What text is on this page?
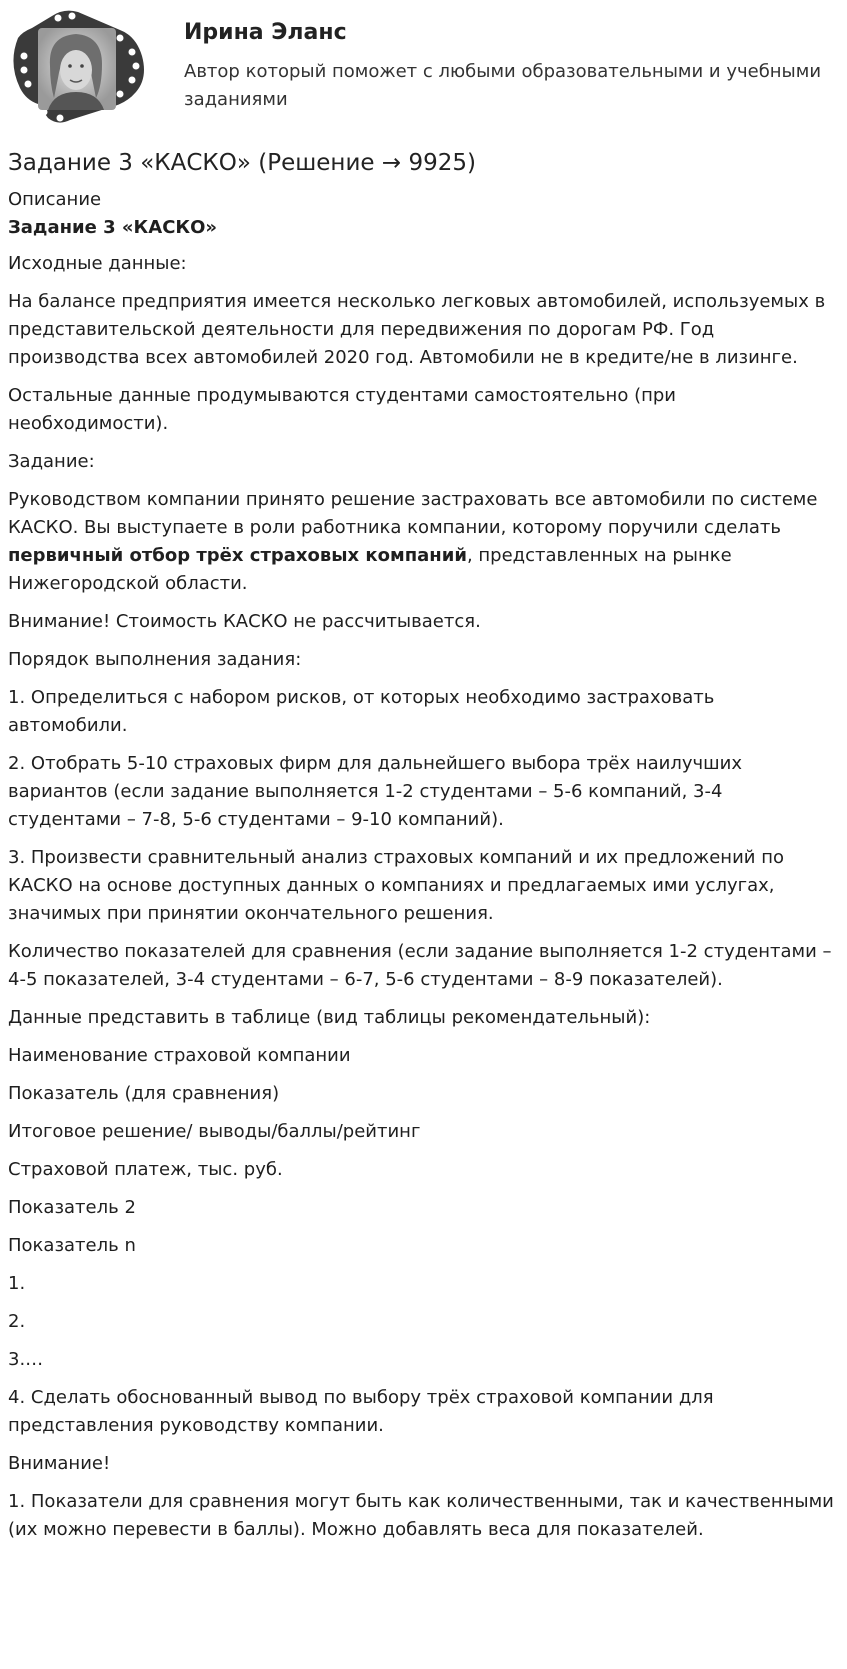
Ирина Эланс

Автор который поможет с любыми образовательными и учебными заданиями

Задание 3 «КАСКО» (Решение → 9925)
Описание
Задание 3 «КАСКО»

Исходные данные:

На балансе предприятия имеется несколько легковых автомобилей, используемых в представительской деятельности для передвижения по дорогам РФ. Год производства всех автомобилей 2020 год. Автомобили не в кредите/не в лизинге.

Остальные данные продумываются студентами самостоятельно (при необходимости).

Задание:

Руководством компании принято решение застраховать все автомобили по системе КАСКО. Вы выступаете в роли работника компании, которому поручили сделать первичный отбор трёх страховых компаний, представленных на рынке Нижегородской области.

Внимание! Стоимость КАСКО не рассчитывается.

Порядок выполнения задания:

1. Определиться с набором рисков, от которых необходимо застраховать автомобили.

2. Отобрать 5-10 страховых фирм для дальнейшего выбора трёх наилучших вариантов (если задание выполняется 1-2 студентами – 5-6 компаний, 3-4 студентами – 7-8, 5-6 студентами – 9-10 компаний).

3. Произвести сравнительный анализ страховых компаний и их предложений по КАСКО на основе доступных данных о компаниях и предлагаемых ими услугах, значимых при принятии окончательного решения.

Количество показателей для сравнения (если задание выполняется 1-2 студентами – 4-5 показателей, 3-4 студентами – 6-7, 5-6 студентами – 8-9 показателей).

Данные представить в таблице (вид таблицы рекомендательный):

Наименование страховой компании

Показатель (для сравнения)

Итоговое решение/ выводы/баллы/рейтинг

Страховой платеж, тыс. руб.

Показатель 2

Показатель n

1.

2.

3.…

4. Сделать обоснованный вывод по выбору трёх страховой компании для представления руководству компании.

Внимание!

1. Показатели для сравнения могут быть как количественными, так и качественными (их можно перевести в баллы). Можно добавлять веса для показателей.
